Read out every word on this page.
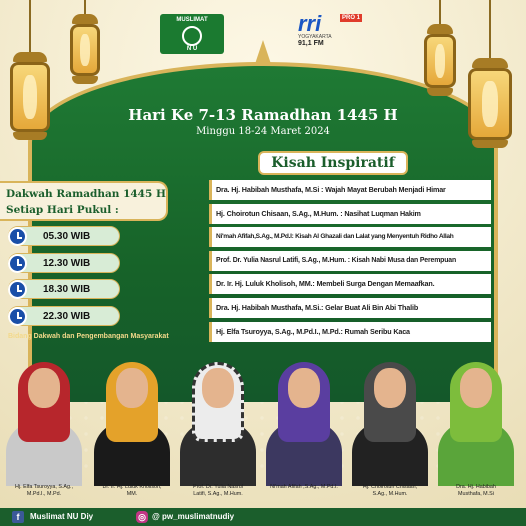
MUSLIMAT
N U
rri	PRO 1
YOGYAKARTA
91,1 FM
Hari Ke 7-13 Ramadhan 1445 H
Minggu 18-24 Maret 2024
Kisah Inspiratif
Dra. Hj. Habibah Musthafa, M.Si : Wajah Mayat Berubah Menjadi Himar
Hj. Choirotun Chisaan, S.Ag., M.Hum. : Nasihat Luqman Hakim
Ni'mah Afifah,S.Ag., M.Pd.I: Kisah Al Ghazali dan Lalat yang Menyentuh Ridho Allah
Prof. Dr. Yulia Nasrul Latifi, S.Ag., M.Hum. : Kisah Nabi Musa dan Perempuan
Dr. Ir. Hj. Luluk Kholisoh, MM.: Membeli Surga Dengan Memaafkan.
Dra. Hj. Habibah Musthafa, M.Si.: Gelar Buat Ali Bin Abi Thalib
Hj. Elfa Tsuroyya, S.Ag., M.Pd.I., M.Pd.: Rumah Seribu Kaca
Dakwah Ramadhan 1445 H
Setiap Hari Pukul :
05.30 WIB
12.30 WIB
18.30 WIB
22.30 WIB
Bidang Dakwah dan Pengembangan Masyarakat
Hj. Elfa Tsuroyya, S.Ag.,
M.Pd.I., M.Pd.
Dr. Ir. Hj. Luluk Kholisoh,
MM.
Prof. Dr. Yulia Nasrul
Latifi, S.Ag., M.Hum.
Ni'mah Afifah ,S.Ag., M.Pd.I.	Hj. Choirotun Chisaan,
S.Ag., M.Hum.
Dra. Hj. Habibah
Musthafa, M.Si
f	Muslimat NU Diy	◎ @ pw_muslimatnudiy
